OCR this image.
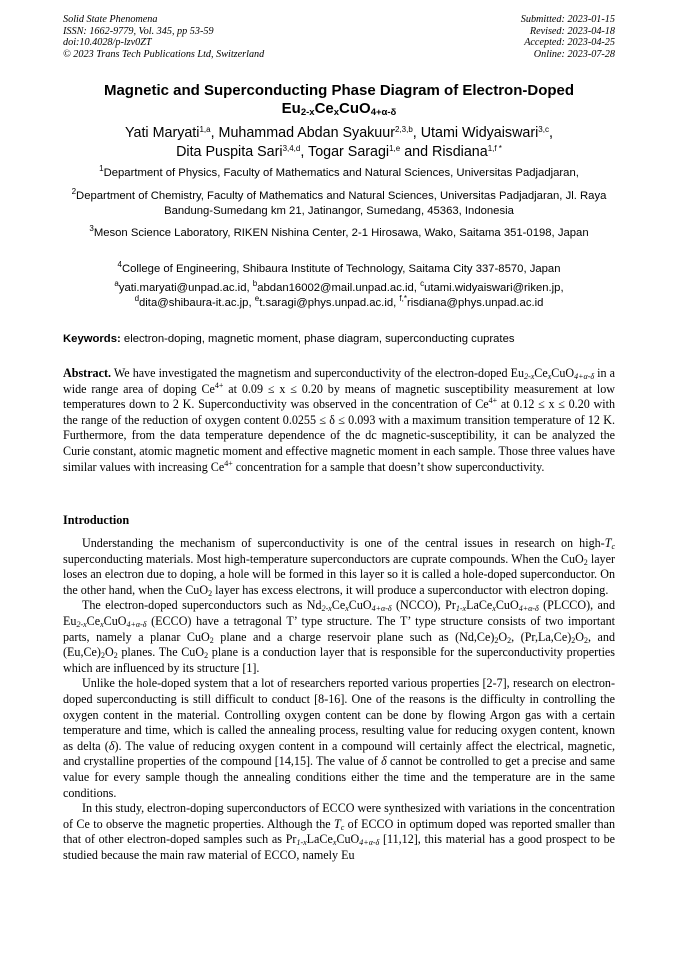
Solid State Phenomena
ISSN: 1662-9779, Vol. 345, pp 53-59
doi:10.4028/p-lzv0ZT
© 2023 Trans Tech Publications Ltd, Switzerland
Submitted: 2023-01-15
Revised: 2023-04-18
Accepted: 2023-04-25
Online: 2023-07-28
Magnetic and Superconducting Phase Diagram of Electron-Doped
$Eu_{2-x}Ce_xCuO_{4+\alpha-\delta}$
Yati Maryati$^{1,a}$, Muhammad Abdan Syakuur$^{2,3,b}$, Utami Widyaiswari$^{3,c}$,
Dita Puspita Sari$^{3,4,d}$, Togar Saragi$^{1,e}$ and Risdiana$^{1,f *}$
$^1$Department of Physics, Faculty of Mathematics and Natural Sciences, Universitas Padjadjaran,
$^2$Department of Chemistry, Faculty of Mathematics and Natural Sciences, Universitas Padjadjaran, Jl. Raya Bandung-Sumedang km 21, Jatinangor, Sumedang, 45363, Indonesia
$^3$Meson Science Laboratory, RIKEN Nishina Center, 2-1 Hirosawa, Wako, Saitama 351-0198, Japan
$^4$College of Engineering, Shibaura Institute of Technology, Saitama City 337-8570, Japan
$^a$yati.maryati@unpad.ac.id, $^b$abdan16002@mail.unpad.ac.id, $^c$utami.widyaiswari@riken.jp,
$^d$dita@shibaura-it.ac.jp, $^e$t.saragi@phys.unpad.ac.id, $^{f,*}$risdiana@phys.unpad.ac.id
Keywords: electron-doping, magnetic moment, phase diagram, superconducting cuprates

Abstract. We have investigated the magnetism and superconductivity of the electron-doped $Eu_{2-x}Ce_xCuO_{4+\alpha-\delta}$ in a wide range area of doping $Ce^{4+}$ at 0.09 ≤ x ≤ 0.20 by means of magnetic susceptibility measurement at low temperatures down to 2 K. Superconductivity was observed in the concentration of $Ce^{4+}$ at 0.12 ≤ x ≤ 0.20 with the range of the reduction of oxygen content 0.0255 ≤ δ ≤ 0.093 with a maximum transition temperature of 12 K. Furthermore, from the data temperature dependence of the dc magnetic-susceptibility, it can be analyzed the Curie constant, atomic magnetic moment and effective magnetic moment in each sample. Those three values have similar values with increasing $Ce^{4+}$ concentration for a sample that doesn’t show superconductivity.

Introduction

Understanding the mechanism of superconductivity is one of the central issues in research on high-$T_c$ superconducting materials. Most high-temperature superconductors are cuprate compounds. When the CuO$_2$ layer loses an electron due to doping, a hole will be formed in this layer so it is called a hole-doped superconductor. On the other hand, when the CuO$_2$ layer has excess electrons, it will produce a superconductor with electron doping.

The electron-doped superconductors such as $Nd_{2-x}Ce_xCuO_{4+\alpha-\delta}$ (NCCO), $Pr_{1-x}LaCe_xCuO_{4+\alpha-\delta}$ (PLCCO), and $Eu_{2-x}Ce_xCuO_{4+\alpha-\delta}$ (ECCO) have a tetragonal T’ type structure. The T’ type structure consists of two important parts, namely a planar CuO$_2$ plane and a charge reservoir plane such as $(Nd,Ce)_2O_2$, $(Pr,La,Ce)_2O_2$, and $(Eu,Ce)_2O_2$ planes. The CuO$_2$ plane is a conduction layer that is responsible for the superconductivity properties which are influenced by its structure [1].

Unlike the hole-doped system that a lot of researchers reported various properties [2-7], research on electron-doped superconducting is still difficult to conduct [8-16]. One of the reasons is the difficulty in controlling the oxygen content in the material. Controlling oxygen content can be done by flowing Argon gas with a certain temperature and time, which is called the annealing process, resulting value for reducing oxygen content, known as delta (δ). The value of reducing oxygen content in a compound will certainly affect the electrical, magnetic, and crystalline properties of the compound [14,15]. The value of δ cannot be controlled to get a precise and same value for every sample though the annealing conditions either the time and the temperature are in the same conditions.

In this study, electron-doping superconductors of ECCO were synthesized with variations in the concentration of Ce to observe the magnetic properties. Although the $T_c$ of ECCO in optimum doped was reported smaller than that of other electron-doped samples such as $Pr_{1-x}LaCe_xCuO_{4+\alpha-\delta}$ [11,12], this material has a good prospect to be studied because the main raw material of ECCO, namely Eu
